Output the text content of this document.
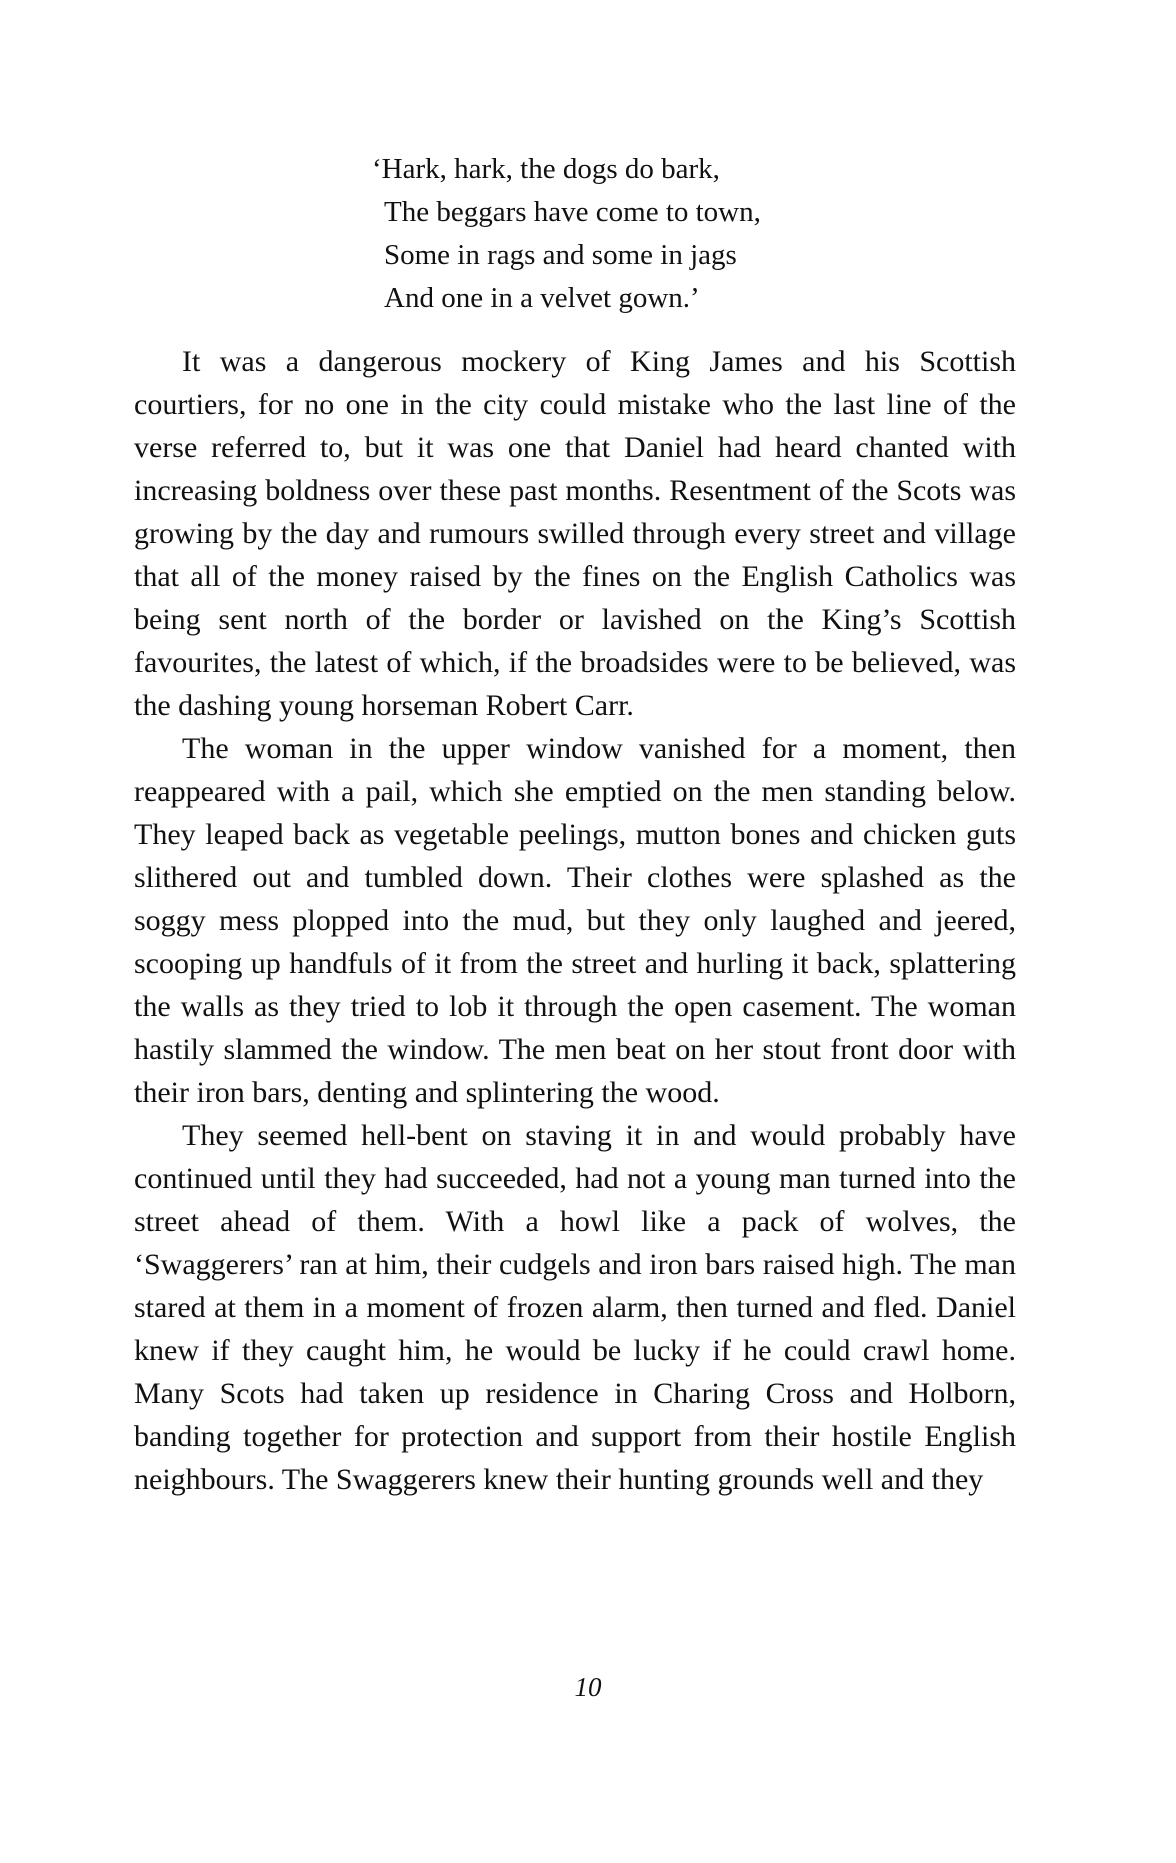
‘Hark, hark, the dogs do bark,
The beggars have come to town,
Some in rags and some in jags
And one in a velvet gown.’

It was a dangerous mockery of King James and his Scottish courtiers, for no one in the city could mistake who the last line of the verse referred to, but it was one that Daniel had heard chanted with increasing boldness over these past months. Resentment of the Scots was growing by the day and rumours swilled through every street and village that all of the money raised by the fines on the English Catholics was being sent north of the border or lavished on the King’s Scottish favourites, the latest of which, if the broadsides were to be believed, was the dashing young horseman Robert Carr.

The woman in the upper window vanished for a moment, then reappeared with a pail, which she emptied on the men standing below. They leaped back as vegetable peelings, mutton bones and chicken guts slithered out and tumbled down. Their clothes were splashed as the soggy mess plopped into the mud, but they only laughed and jeered, scooping up handfuls of it from the street and hurling it back, splattering the walls as they tried to lob it through the open casement. The woman hastily slammed the window. The men beat on her stout front door with their iron bars, denting and splintering the wood.

They seemed hell-bent on staving it in and would probably have continued until they had succeeded, had not a young man turned into the street ahead of them. With a howl like a pack of wolves, the ‘Swaggerers’ ran at him, their cudgels and iron bars raised high. The man stared at them in a moment of frozen alarm, then turned and fled. Daniel knew if they caught him, he would be lucky if he could crawl home. Many Scots had taken up residence in Charing Cross and Holborn, banding together for protection and support from their hostile English neighbours. The Swaggerers knew their hunting grounds well and they

10
